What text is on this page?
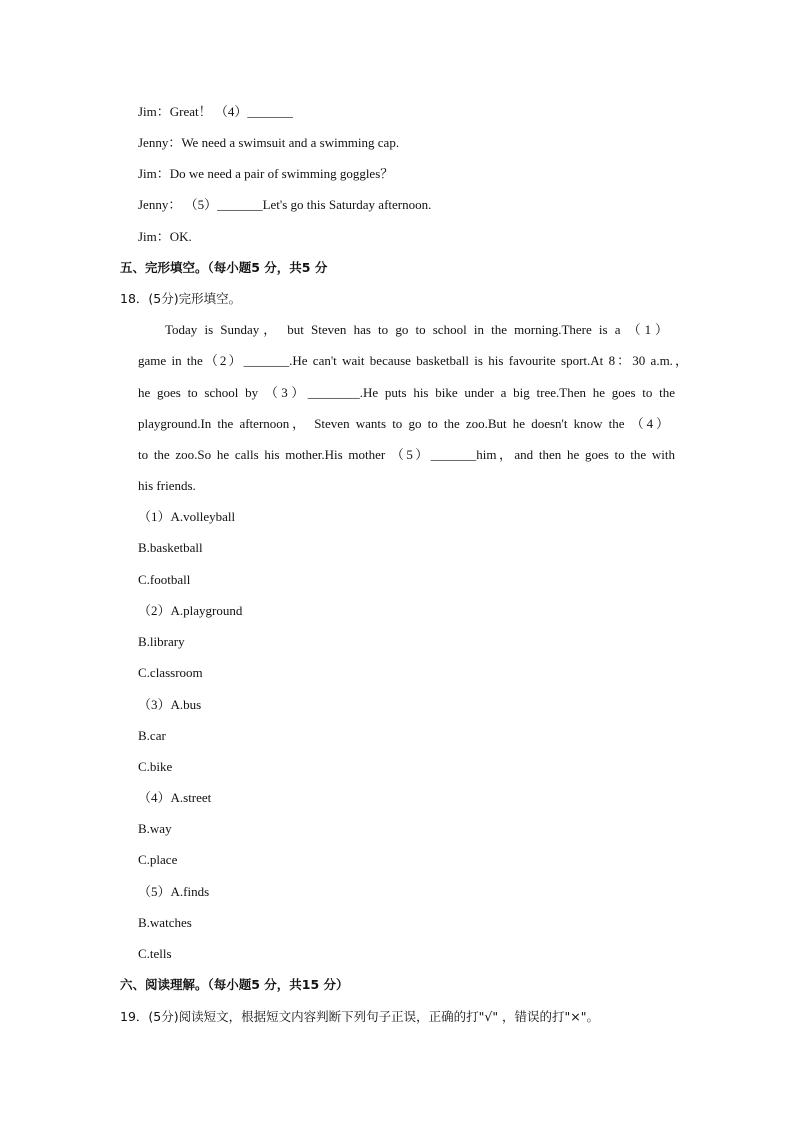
Jim：Great！ （4）_______
Jenny：We need a swimsuit and a swimming cap.
Jim：Do we need a pair of swimming goggles？
Jenny： （5）_______Let's go this Saturday afternoon.
Jim：OK.
五、完形填空。（每小题5 分，共5 分
18．(5分)完形填空。
Today is Sunday， but Steven has to go to school in the morning.There is a （1）
game in the（2）_______.He can't wait because basketball is his favourite sport.At 8：30 a.m.，
he goes to school by （3）________.He puts his bike under a big tree.Then he goes to the
playground.In the afternoon， Steven wants to go to the zoo.But he doesn't know the （4）
to the zoo.So he calls his mother.His mother （5）_______him，and then he goes to the with
his friends.
（1）A.volleyball
B.basketball
C.football
（2）A.playground
B.library
C.classroom
（3）A.bus
B.car
C.bike
（4）A.street
B.way
C.place
（5）A.finds
B.watches
C.tells
六、阅读理解。（每小题5 分，共15 分）
19．(5分)阅读短文，根据短文内容判断下列句子正误，正确的打"√" ，错误的打"×"。
